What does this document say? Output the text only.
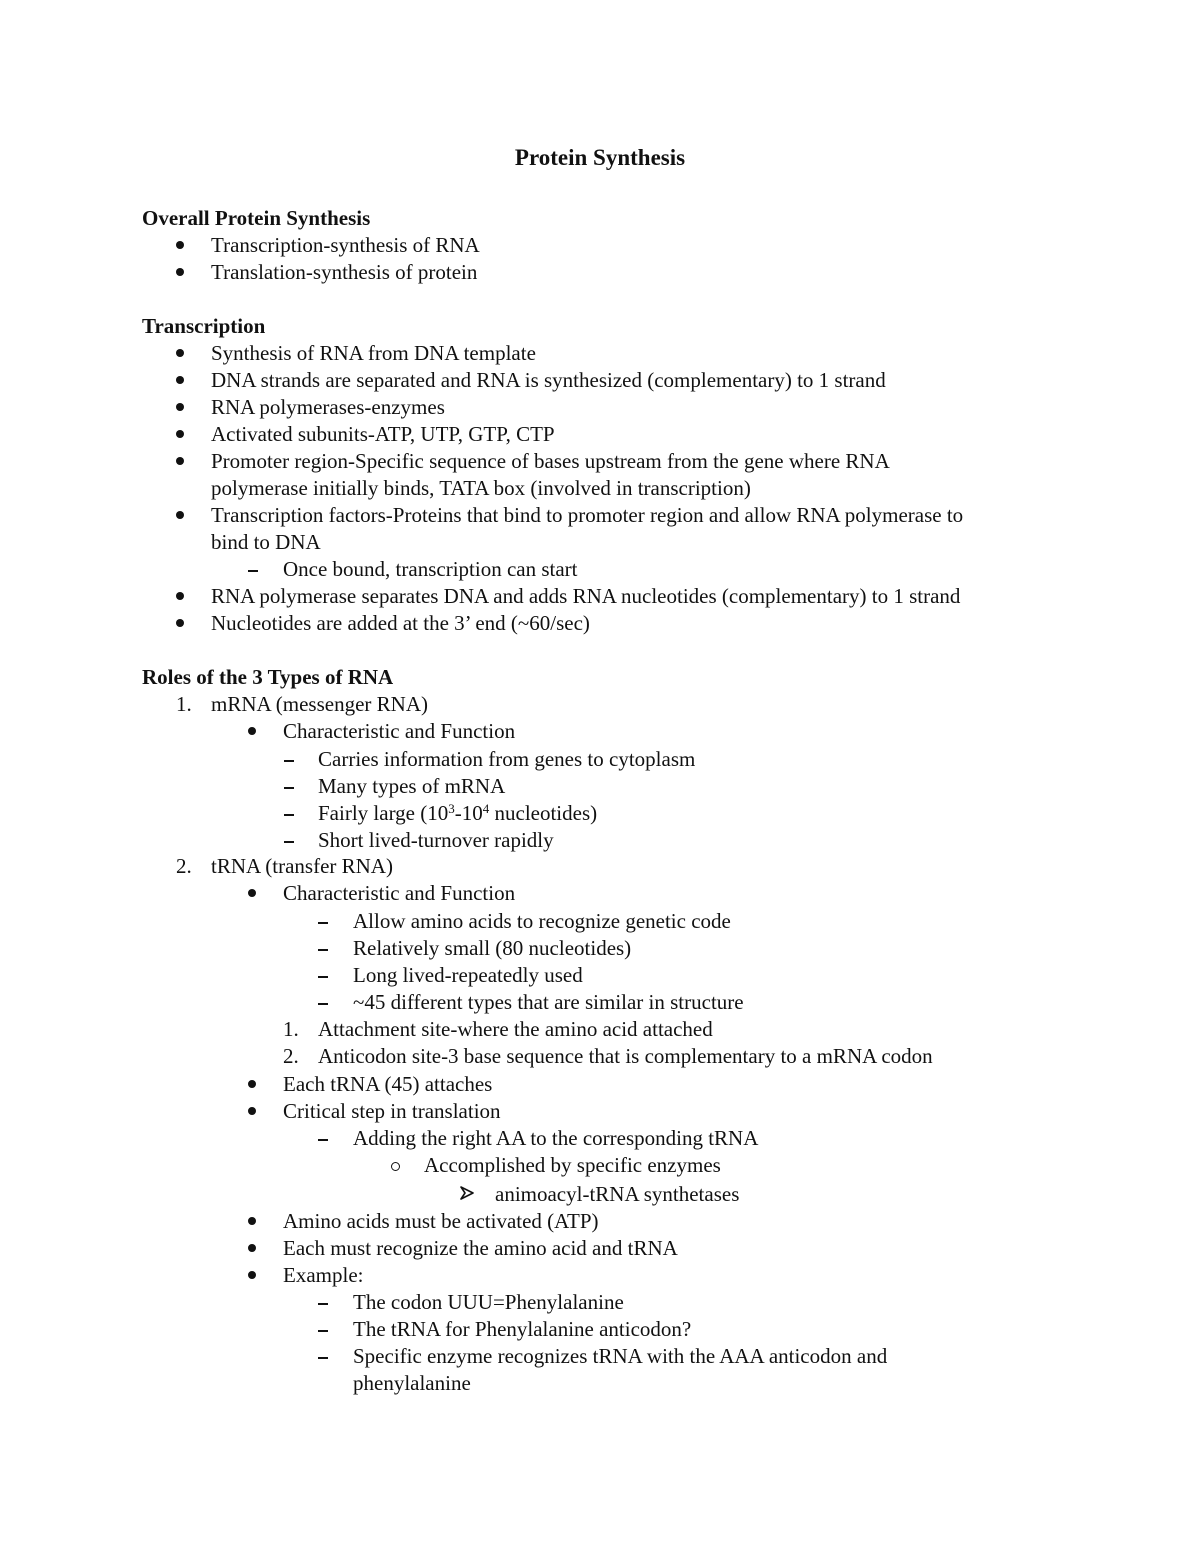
Protein Synthesis
Overall Protein Synthesis
Transcription-synthesis of RNA
Translation-synthesis of protein
Transcription
Synthesis of RNA from DNA template
DNA strands are separated and RNA is synthesized (complementary) to 1 strand
RNA polymerases-enzymes
Activated subunits-ATP, UTP, GTP, CTP
Promoter region-Specific sequence of bases upstream from the gene where RNA
polymerase initially binds, TATA box (involved in transcription)
Transcription factors-Proteins that bind to promoter region and allow RNA polymerase to
bind to DNA
Once bound, transcription can start
RNA polymerase separates DNA and adds RNA nucleotides (complementary) to 1 strand
Nucleotides are added at the 3’ end (~60/sec)
Roles of the 3 Types of RNA
1. mRNA (messenger RNA)
Characteristic and Function
Carries information from genes to cytoplasm
Many types of mRNA
Fairly large ($10^3-10^4$ nucleotides)
Short lived-turnover rapidly
2. tRNA (transfer RNA)
Characteristic and Function
Allow amino acids to recognize genetic code
Relatively small (80 nucleotides)
Long lived-repeatedly used
~45 different types that are similar in structure
1. Attachment site-where the amino acid attached
2. Anticodon site-3 base sequence that is complementary to a mRNA codon
Each tRNA (45) attaches
Critical step in translation
Adding the right AA to the corresponding tRNA
Accomplished by specific enzymes
animoacyl-tRNA synthetases
Amino acids must be activated (ATP)
Each must recognize the amino acid and tRNA
Example:
The codon UUU=Phenylalanine
The tRNA for Phenylalanine anticodon?
Specific enzyme recognizes tRNA with the AAA anticodon and
phenylalanine
